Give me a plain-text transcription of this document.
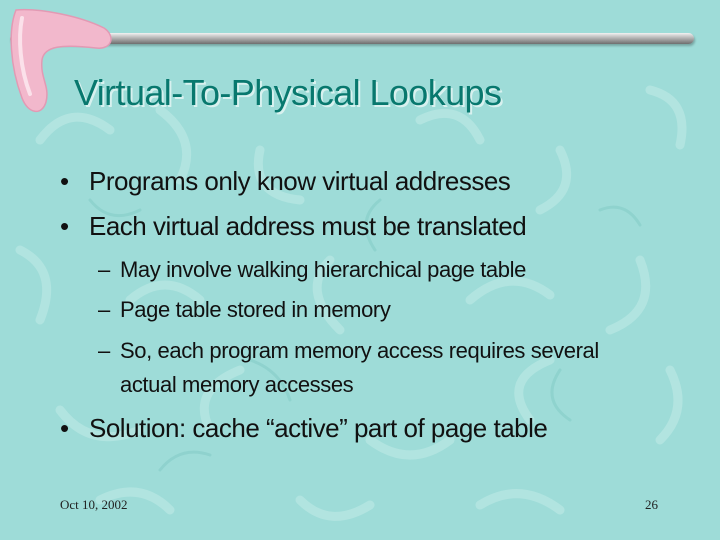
Virtual-To-Physical Lookups
• Programs only know virtual addresses
• Each virtual address must be translated
– May involve walking hierarchical page table
– Page table stored in memory
– So, each program memory access requires several
actual memory accesses
• Solution: cache “active” part of page table
Oct 10, 2002	26
